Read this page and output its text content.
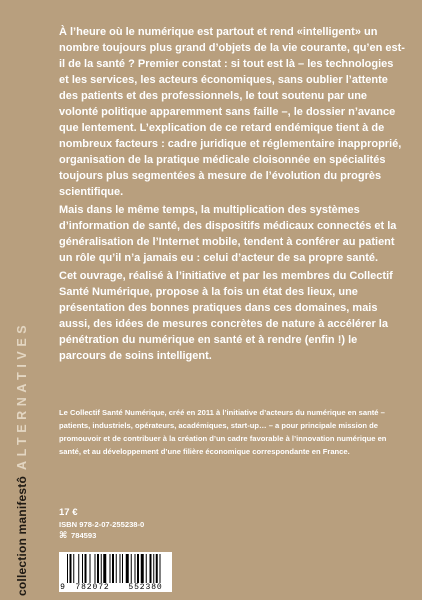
collection manifestô
ALTERNATIVES

À l’heure où le numérique est partout et rend «intelligent» un nombre toujours plus grand d’objets de la vie courante, qu’en est-il de la santé ? Premier constat : si tout est là – les technologies et les services, les acteurs économiques, sans oublier l’attente des patients et des professionnels, le tout soutenu par une volonté politique apparemment sans faille –, le dossier n’avance que lentement. L’explication de ce retard endémique tient à de nombreux facteurs : cadre juridique et réglementaire inapproprié, organisation de la pratique médicale cloisonnée en spécialités toujours plus segmentées à mesure de l’évolution du progrès scientifique.

Mais dans le même temps, la multiplication des systèmes d’information de santé, des dispositifs médicaux connectés et la généralisation de l’Internet mobile, tendent à conférer au patient un rôle qu’il n’a jamais eu : celui d’acteur de sa propre santé.

Cet ouvrage, réalisé à l’initiative et par les membres du Collectif Santé Numérique, propose à la fois un état des lieux, une présentation des bonnes pratiques dans ces domaines, mais aussi, des idées de mesures concrètes de nature à accélérer la pénétration du numérique en santé et à rendre (enfin !) le parcours de soins intelligent.

Le Collectif Santé Numérique, créé en 2011 à l’initiative d’acteurs du numérique en santé – patients, industriels, opérateurs, académiques, start-up… – a pour principale mission de promouvoir et de contribuer à la création d’un cadre favorable à l’innovation numérique en santé, et au développement d’une filière économique correspondante en France.

17 €
ISBN 978-2-07-255238-0
⌘ 784593
9	782072	552380
